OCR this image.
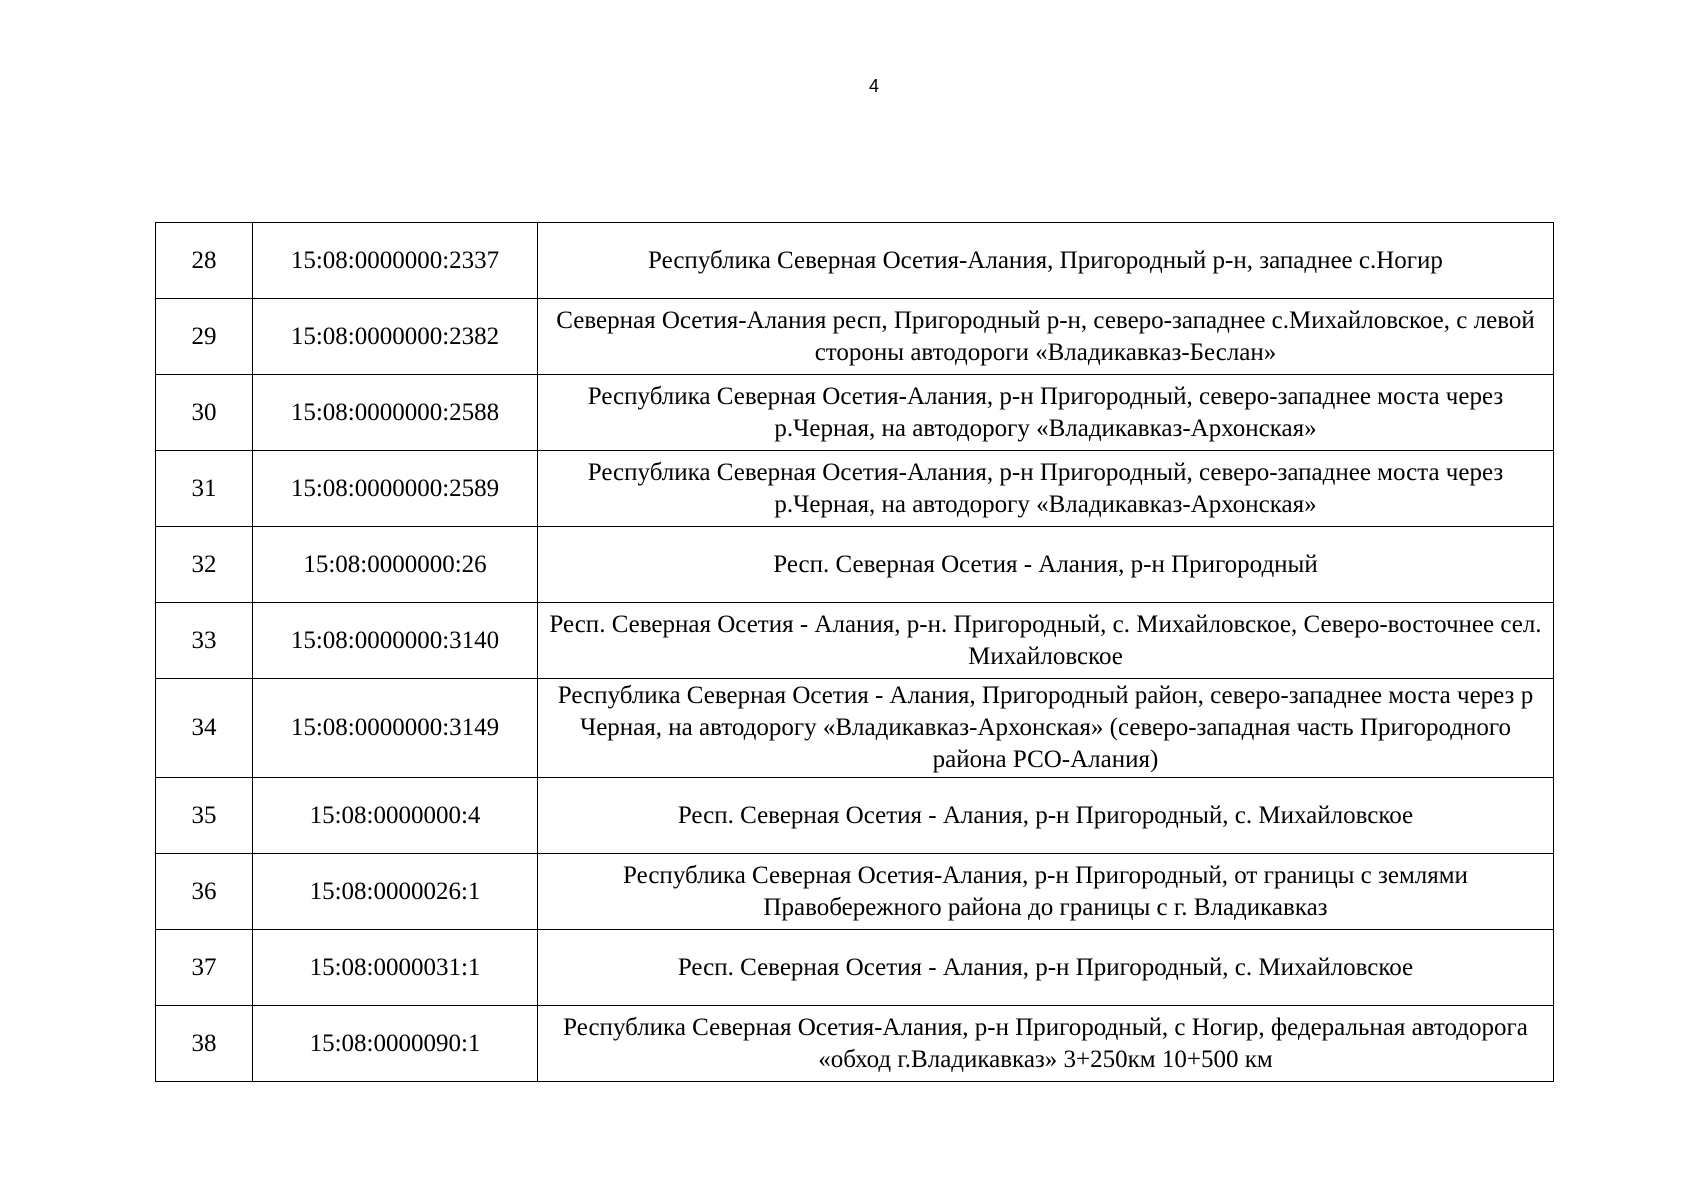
4
28	15:08:0000000:2337	Республика Северная Осетия-Алания, Пригородный р-н, западнее с.Ногир
29	15:08:0000000:2382	Северная Осетия-Алания респ, Пригородный р-н, северо-западнее с.Михайловское, с левой стороны автодороги «Владикавказ-Беслан»
30	15:08:0000000:2588	Республика Северная Осетия-Алания, р-н Пригородный, северо-западнее моста через р.Черная, на автодорогу «Владикавказ-Архонская»
31	15:08:0000000:2589	Республика Северная Осетия-Алания, р-н Пригородный, северо-западнее моста через р.Черная, на автодорогу «Владикавказ-Архонская»
32	15:08:0000000:26	Респ. Северная Осетия - Алания, р-н Пригородный
33	15:08:0000000:3140	Респ. Северная Осетия - Алания, р-н. Пригородный, с. Михайловское, Северо-восточнее сел. Михайловское
34	15:08:0000000:3149	Республика Северная Осетия - Алания, Пригородный район, северо-западнее моста через р Черная, на автодорогу «Владикавказ-Архонская» (северо-западная часть Пригородного района РСО-Алания)
35	15:08:0000000:4	Респ. Северная Осетия - Алания, р-н Пригородный, с. Михайловское
36	15:08:0000026:1	Республика Северная Осетия-Алания, р-н Пригородный, от границы с землями Правобережного района до границы с г. Владикавказ
37	15:08:0000031:1	Респ. Северная Осетия - Алания, р-н Пригородный, с. Михайловское
38	15:08:0000090:1	Республика Северная Осетия-Алания, р-н Пригородный, с Ногир, федеральная автодорога «обход г.Владикавказ» 3+250км 10+500 км
